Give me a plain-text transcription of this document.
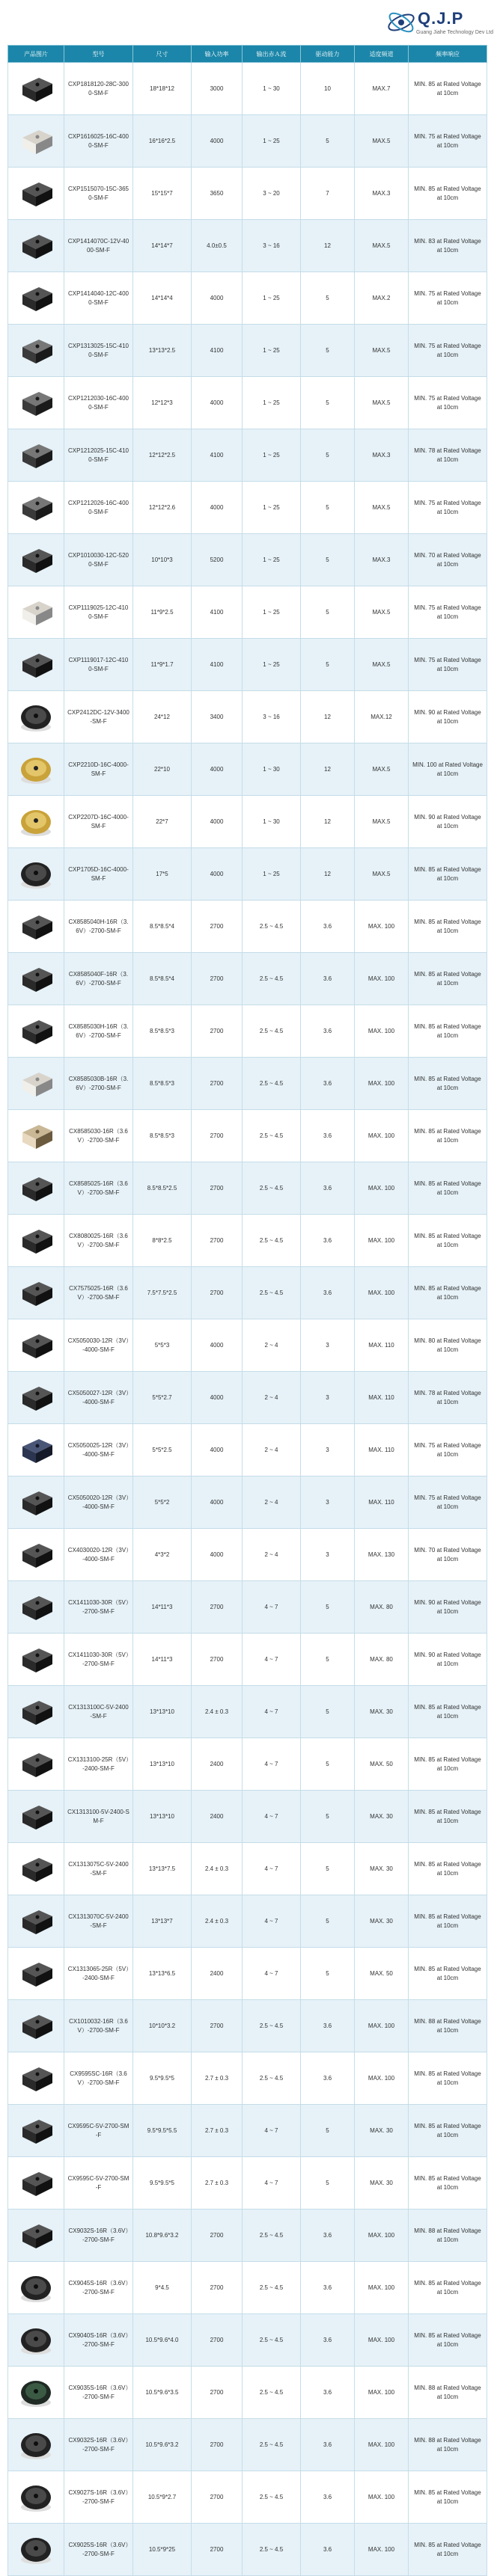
Q.J.P
Guang Jiahe Technology Dev Ltd
产品图片	型号	尺寸	输入功率	输出赤Ａ流	驱动能力	适度频道	频率响应

	CXP1818120-28C-3000-SM-F	18*18*12	3000	1 ~ 30	10	MAX.7	MIN. 85 at Rated Voltage at 10cm

	CXP1616025-16C-4000-SM-F	16*16*2.5	4000	1 ~ 25	5	MAX.5	MIN. 75 at Rated Voltage at 10cm

	CXP1515070-15C-3650-SM-F	15*15*7	3650	3 ~ 20	7	MAX.3	MIN. 85 at Rated Voltage at 10cm

	CXP1414070C-12V-4000-SM-F	14*14*7	4.0±0.5	3 ~ 16	12	MAX.5	MIN. 83 at Rated Voltage at 10cm

	CXP1414040-12C-4000-SM-F	14*14*4	4000	1 ~ 25	5	MAX.2	MIN. 75 at Rated Voltage at 10cm

	CXP1313025-15C-4100-SM-F	13*13*2.5	4100	1 ~ 25	5	MAX.5	MIN. 75 at Rated Voltage at 10cm

	CXP1212030-16C-4000-SM-F	12*12*3	4000	1 ~ 25	5	MAX.5	MIN. 75 at Rated Voltage at 10cm

	CXP1212025-15C-4100-SM-F	12*12*2.5	4100	1 ~ 25	5	MAX.3	MIN. 78 at Rated Voltage at 10cm

	CXP1212026-16C-4000-SM-F	12*12*2.6	4000	1 ~ 25	5	MAX.5	MIN. 75 at Rated Voltage at 10cm

	CXP1010030-12C-5200-SM-F	10*10*3	5200	1 ~ 25	5	MAX.3	MIN. 70 at Rated Voltage at 10cm

	CXP1119025-12C-4100-SM-F	11*9*2.5	4100	1 ~ 25	5	MAX.5	MIN. 75 at Rated Voltage at 10cm

	CXP1119017-12C-4100-SM-F	11*9*1.7	4100	1 ~ 25	5	MAX.5	MIN. 75 at Rated Voltage at 10cm

	CXP2412DC-12V-3400-SM-F	24*12	3400	3 ~ 16	12	MAX.12	MIN. 90 at Rated Voltage at 10cm

	CXP2210D-16C-4000-SM-F	22*10	4000	1 ~ 30	12	MAX.5	MIN. 100 at Rated Voltage at 10cm

	CXP2207D-16C-4000-SM-F	22*7	4000	1 ~ 30	12	MAX.5	MIN. 90 at Rated Voltage at 10cm

	CXP1705D-16C-4000-SM-F	17*5	4000	1 ~ 25	12	MAX.5	MIN. 85 at Rated Voltage at 10cm

	CX8585040H-16R（3.6V）-2700-SM-F	8.5*8.5*4	2700	2.5 ~ 4.5	3.6	MAX. 100	MIN. 85 at Rated Voltage at 10cm

	CX8585040F-16R（3.6V）-2700-SM-F	8.5*8.5*4	2700	2.5 ~ 4.5	3.6	MAX. 100	MIN. 85 at Rated Voltage at 10cm

	CX8585030H-16R（3.6V）-2700-SM-F	8.5*8.5*3	2700	2.5 ~ 4.5	3.6	MAX. 100	MIN. 85 at Rated Voltage at 10cm

	CX8585030B-16R（3.6V）-2700-SM-F	8.5*8.5*3	2700	2.5 ~ 4.5	3.6	MAX. 100	MIN. 85 at Rated Voltage at 10cm

	CX8585030-16R（3.6V）-2700-SM-F	8.5*8.5*3	2700	2.5 ~ 4.5	3.6	MAX. 100	MIN. 85 at Rated Voltage at 10cm

	CX8585025-16R（3.6V）-2700-SM-F	8.5*8.5*2.5	2700	2.5 ~ 4.5	3.6	MAX. 100	MIN. 85 at Rated Voltage at 10cm

	CX8080025-16R（3.6V）-2700-SM-F	8*8*2.5	2700	2.5 ~ 4.5	3.6	MAX. 100	MIN. 85 at Rated Voltage at 10cm

	CX7575025-16R（3.6V）-2700-SM-F	7.5*7.5*2.5	2700	2.5 ~ 4.5	3.6	MAX. 100	MIN. 85 at Rated Voltage at 10cm

	CX5050030-12R（3V）-4000-SM-F	5*5*3	4000	2 ~ 4	3	MAX. 110	MIN. 80 at Rated Voltage at 10cm

	CX5050027-12R（3V）-4000-SM-F	5*5*2.7	4000	2 ~ 4	3	MAX. 110	MIN. 78 at Rated Voltage at 10cm

	CX5050025-12R（3V）-4000-SM-F	5*5*2.5	4000	2 ~ 4	3	MAX. 110	MIN. 75 at Rated Voltage at 10cm

	CX5050020-12R（3V）-4000-SM-F	5*5*2	4000	2 ~ 4	3	MAX. 110	MIN. 75 at Rated Voltage at 10cm

	CX4030020-12R（3V）-4000-SM-F	4*3*2	4000	2 ~ 4	3	MAX. 130	MIN. 70 at Rated Voltage at 10cm

	CX1411030-30R（5V）-2700-SM-F	14*11*3	2700	4 ~ 7	5	MAX. 80	MIN. 90 at Rated Voltage at 10cm

	CX1411030-30R（5V）-2700-SM-F	14*11*3	2700	4 ~ 7	5	MAX. 80	MIN. 90 at Rated Voltage at 10cm

	CX1313100C-5V-2400-SM-F	13*13*10	2.4 ± 0.3	4 ~ 7	5	MAX. 30	MIN. 85 at Rated Voltage at 10cm

	CX1313100-25R（5V）-2400-SM-F	13*13*10	2400	4 ~ 7	5	MAX. 50	MIN. 85 at Rated Voltage at 10cm

	CX1313100-5V-2400-SM-F	13*13*10	2400	4 ~ 7	5	MAX. 30	MIN. 85 at Rated Voltage at 10cm

	CX1313075C-5V-2400-SM-F	13*13*7.5	2.4 ± 0.3	4 ~ 7	5	MAX. 30	MIN. 85 at Rated Voltage at 10cm

	CX1313070C-5V-2400-SM-F	13*13*7	2.4 ± 0.3	4 ~ 7	5	MAX. 30	MIN. 85 at Rated Voltage at 10cm

	CX1313065-25R（5V）-2400-SM-F	13*13*6.5	2400	4 ~ 7	5	MAX. 50	MIN. 85 at Rated Voltage at 10cm

	CX1010032-16R（3.6V）-2700-SM-F	10*10*3.2	2700	2.5 ~ 4.5	3.6	MAX. 100	MIN. 88 at Rated Voltage at 10cm

	CX9595SC-16R（3.6V）-2700-SM-F	9.5*9.5*5	2.7 ± 0.3	2.5 ~ 4.5	3.6	MAX. 100	MIN. 85 at Rated Voltage at 10cm

	CX9595C-5V-2700-SM-F	9.5*9.5*5.5	2.7 ± 0.3	4 ~ 7	5	MAX. 30	MIN. 85 at Rated Voltage at 10cm

	CX9595C-5V-2700-SM-F	9.5*9.5*5	2.7 ± 0.3	4 ~ 7	5	MAX. 30	MIN. 85 at Rated Voltage at 10cm

	CX9032S-16R（3.6V）-2700-SM-F	10.8*9.6*3.2	2700	2.5 ~ 4.5	3.6	MAX. 100	MIN. 88 at Rated Voltage at 10cm

	CX9045S-16R（3.6V）-2700-SM-F	9*4.5	2700	2.5 ~ 4.5	3.6	MAX. 100	MIN. 85 at Rated Voltage at 10cm

	CX9040S-16R（3.6V）-2700-SM-F	10.5*9.6*4.0	2700	2.5 ~ 4.5	3.6	MAX. 100	MIN. 85 at Rated Voltage at 10cm

	CX9035S-16R（3.6V）-2700-SM-F	10.5*9.6*3.5	2700	2.5 ~ 4.5	3.6	MAX. 100	MIN. 88 at Rated Voltage at 10cm

	CX9032S-16R（3.6V）-2700-SM-F	10.5*9.6*3.2	2700	2.5 ~ 4.5	3.6	MAX. 100	MIN. 88 at Rated Voltage at 10cm

	CX9027S-16R（3.6V）-2700-SM-F	10.5*9*2.7	2700	2.5 ~ 4.5	3.6	MAX. 100	MIN. 85 at Rated Voltage at 10cm

	CX9025S-16R（3.6V）-2700-SM-F	10.5*9*25	2700	2.5 ~ 4.5	3.6	MAX. 100	MIN. 85 at Rated Voltage at 10cm
